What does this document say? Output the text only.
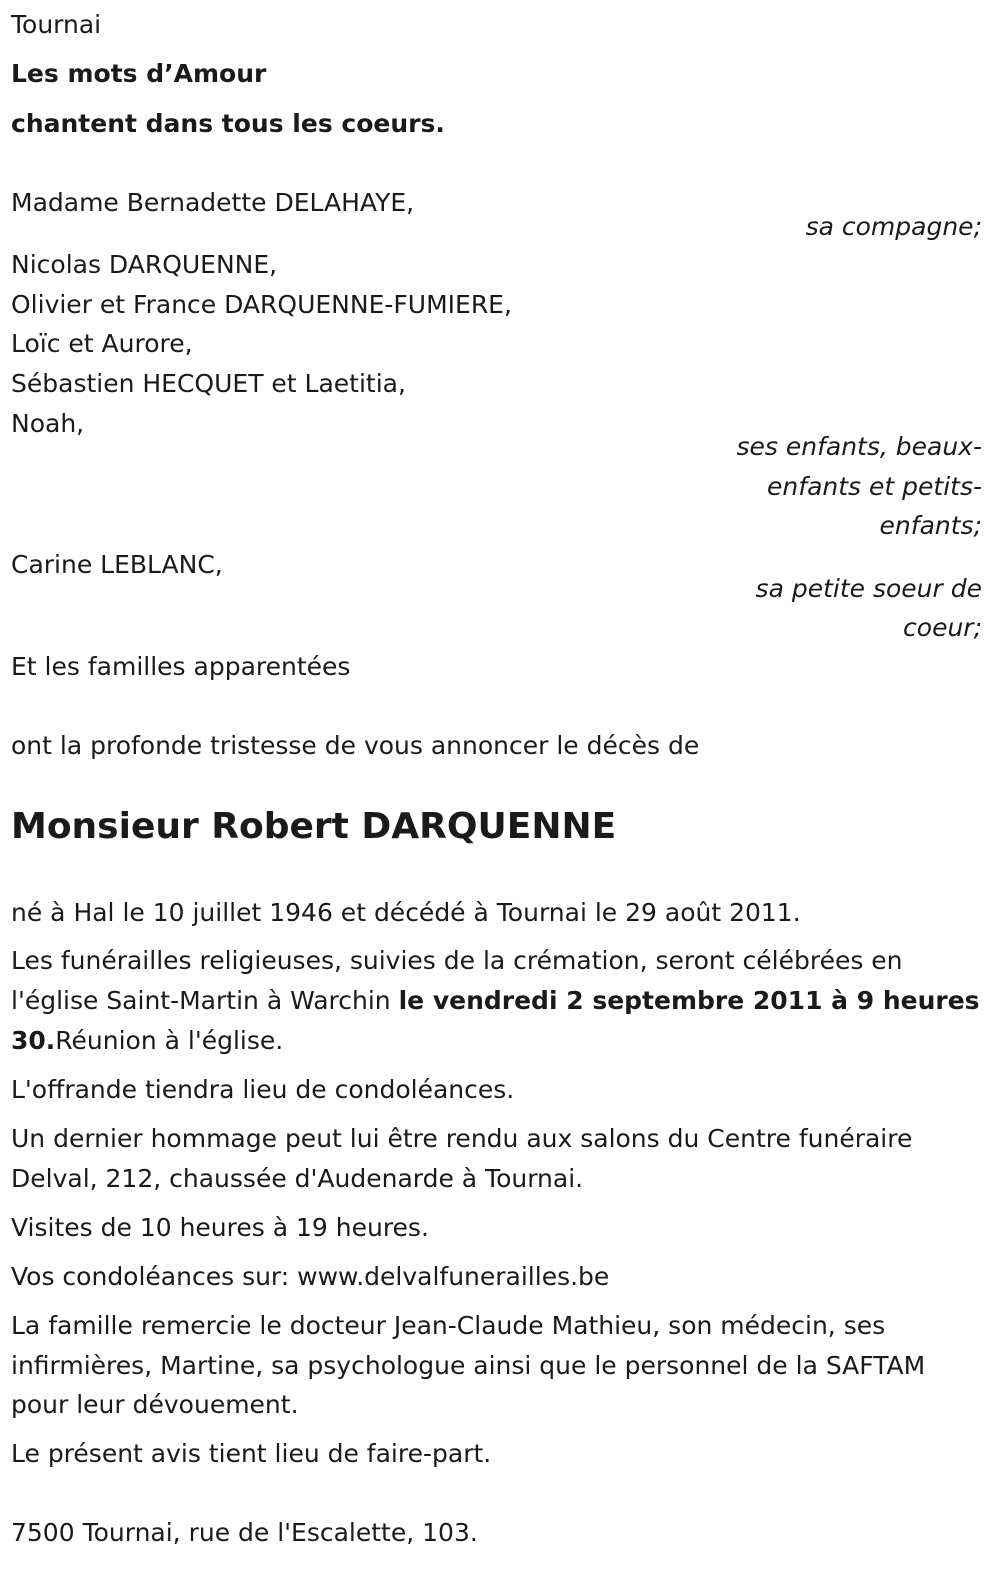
Tournai

Les mots d’Amour

chantent dans tous les coeurs.

Madame Bernadette DELAHAYE,

sa compagne;

Nicolas DARQUENNE,

Olivier et France DARQUENNE-FUMIERE,

Loïc et Aurore,

Sébastien HECQUET et Laetitia,

Noah,

ses enfants, beaux-

enfants et petits-

enfants;

Carine LEBLANC,

sa petite soeur de

coeur;

Et les familles apparentées

ont la profonde tristesse de vous annoncer le décès de

Monsieur Robert DARQUENNE

né à Hal le 10 juillet 1946 et décédé à Tournai le 29 août 2011.

Les funérailles religieuses, suivies de la crémation, seront célébrées en

l'église Saint-Martin à Warchin le vendredi 2 septembre 2011 à 9 heures

30.Réunion à l'église.

L'offrande tiendra lieu de condoléances.

Un dernier hommage peut lui être rendu aux salons du Centre funéraire

Delval, 212, chaussée d'Audenarde à Tournai.

Visites de 10 heures à 19 heures.

Vos condoléances sur: www.delvalfunerailles.be

La famille remercie le docteur Jean-Claude Mathieu, son médecin, ses

infirmières, Martine, sa psychologue ainsi que le personnel de la SAFTAM

pour leur dévouement.

Le présent avis tient lieu de faire-part.

7500 Tournai, rue de l'Escalette, 103.
